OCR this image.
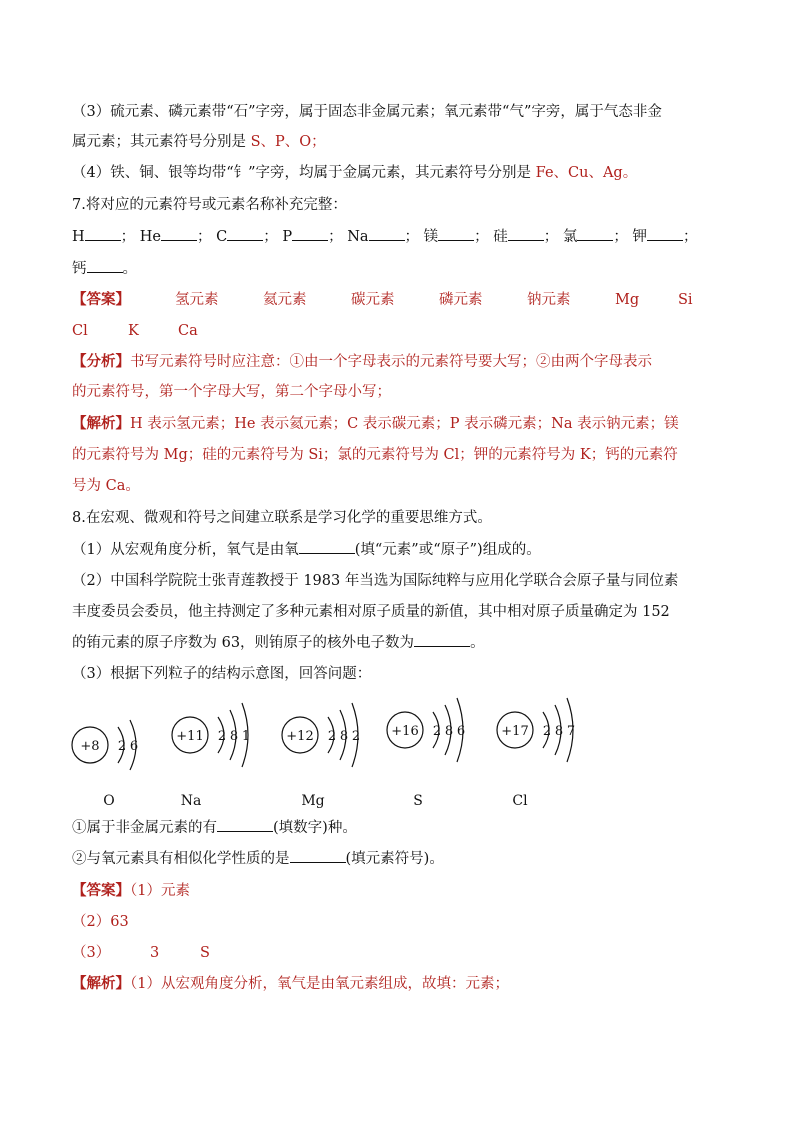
（3）硫元素、磷元素带“石”字旁，属于固态非金属元素；氧元素带“气”字旁，属于气态非金
属元素；其元素符号分别是 S、P、O；
（4）铁、铜、银等均带“钅”字旁，均属于金属元素，其元素符号分别是 Fe、Cu、Ag。
7.将对应的元素符号或元素名称补充完整：
H ； He ； C ； P ； Na ； 镁 ； 硅 ； 氯 ； 钾 ；
钙 。
【答案】	氢元素	氦元素	碳元素	磷元素	钠元素	Mg	Si
Cl	K	Ca
【分析】书写元素符号时应注意：①由一个字母表示的元素符号要大写；②由两个字母表示
的元素符号，第一个字母大写，第二个字母小写；
【解析】H 表示氢元素；He 表示氦元素；C 表示碳元素；P 表示磷元素；Na 表示钠元素；镁
的元素符号为 Mg；硅的元素符号为 Si；氯的元素符号为 Cl；钾的元素符号为 K；钙的元素符
号为 Ca。
8.在宏观、微观和符号之间建立联系是学习化学的重要思维方式。
（1）从宏观角度分析，氧气是由氧	(填“元素”或“原子”)组成的。
（2）中国科学院院士张青莲教授于 1983 年当选为国际纯粹与应用化学联合会原子量与同位素
丰度委员会委员，他主持测定了多种元素相对原子质量的新值，其中相对原子质量确定为 152
的铕元素的原子序数为 63，则铕原子的核外电子数为	。
（3）根据下列粒子的结构示意图，回答问题：
+8 2 6
O
+11 2 8 1
Na
+12 2 8 2
Mg
+16 2 8 6
S
+17 2 8 7
Cl
①属于非金属元素的有	(填数字)种。
②与氧元素具有相似化学性质的是	(填元素符号)。
【答案】（1）元素
（2）63
（3）	3	S
【解析】（1）从宏观角度分析，氧气是由氧元素组成，故填：元素；
